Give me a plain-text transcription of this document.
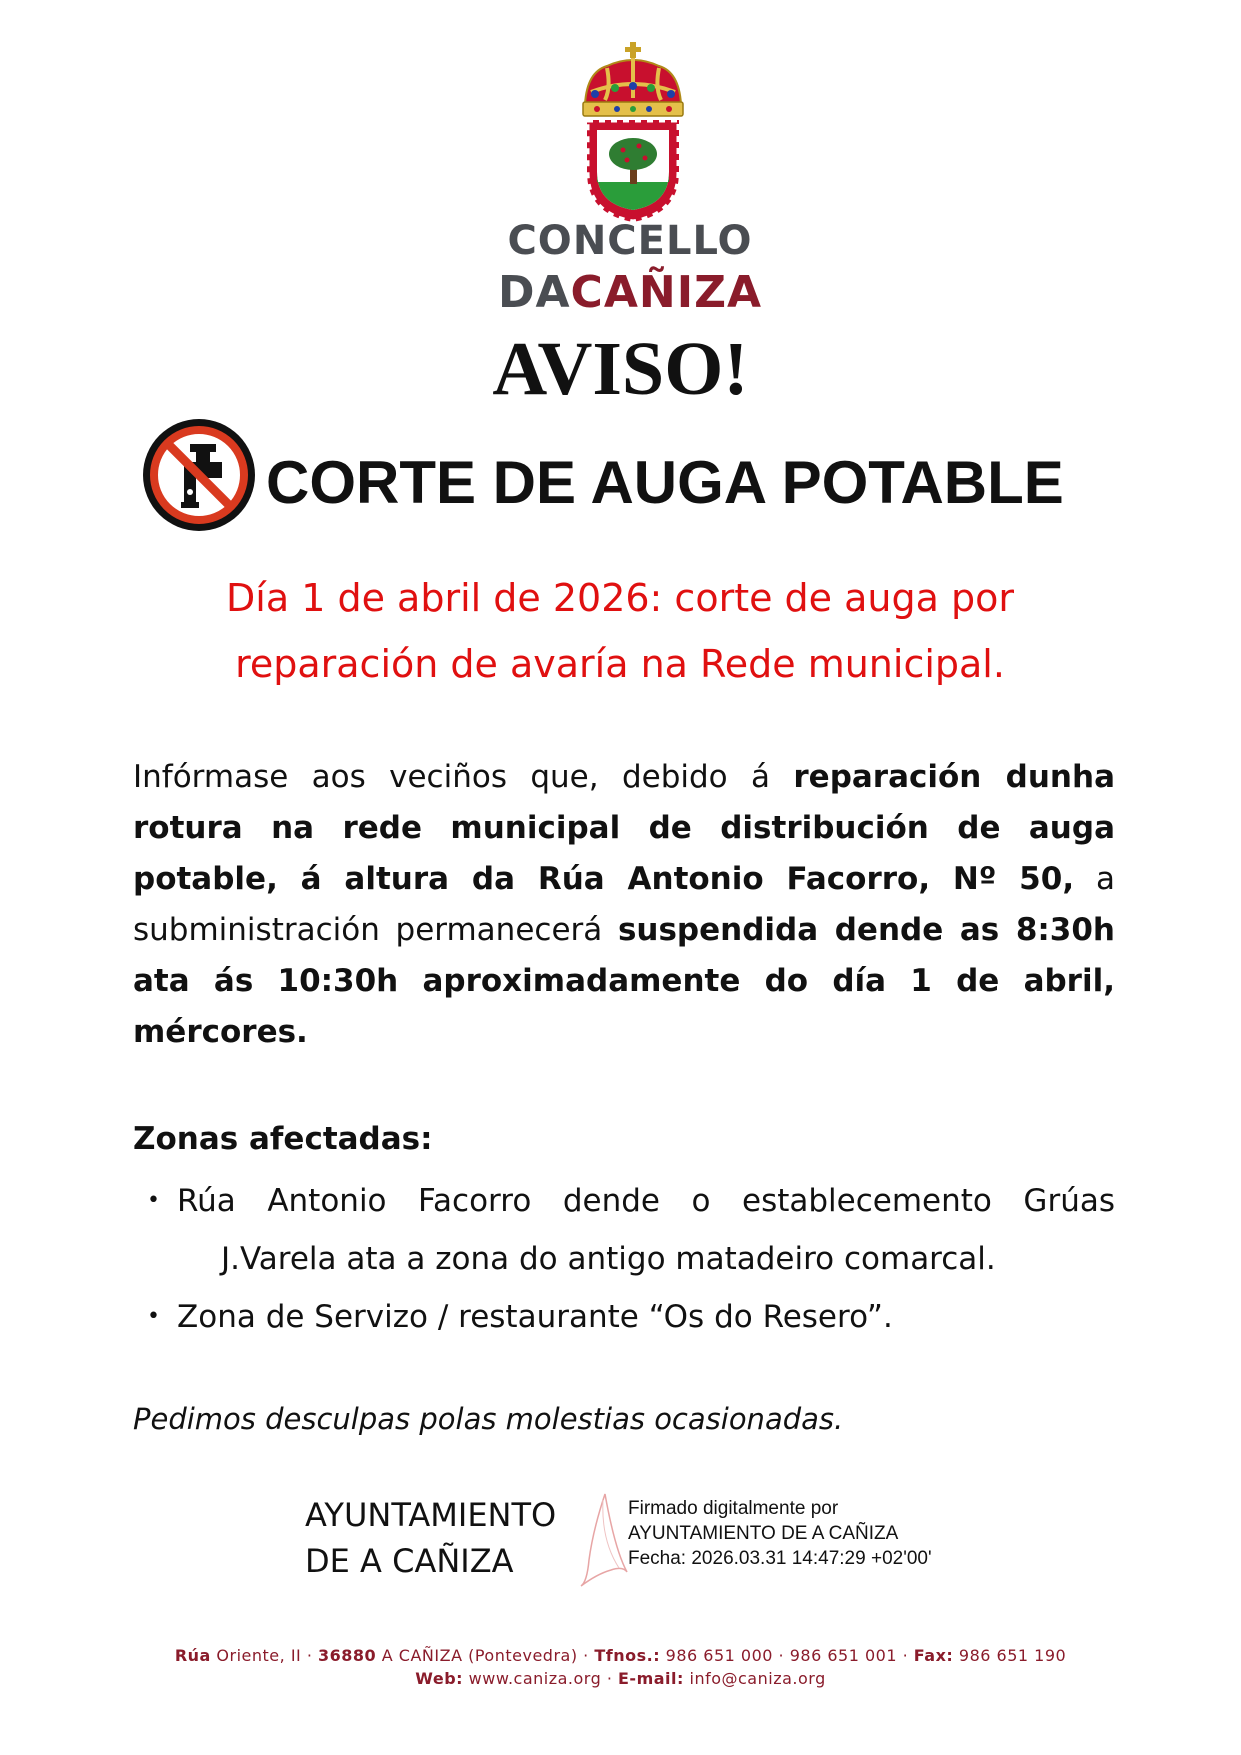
CONCELLO
DACAÑIZA
AVISO!
CORTE DE AUGA POTABLE
Día 1 de abril de 2026: corte de auga por
reparación de avaría na Rede municipal.
Infórmase aos veciños que, debido á reparación dunha rotura na rede municipal de distribución de auga potable, á altura da Rúa Antonio Facorro, Nº 50, a subministración permanecerá suspendida dende as 8:30h ata ás 10:30h aproximadamente do día 1 de abril, mércores.
Zonas afectadas:
• Rúa Antonio Facorro dende o establecemento Grúas
J.Varela ata a zona do antigo matadeiro comarcal.
• Zona de Servizo / restaurante “Os do Resero”.
Pedimos desculpas polas molestias ocasionadas.
AYUNTAMIENTO
DE A CAÑIZA
Firmado digitalmente por
AYUNTAMIENTO DE A CAÑIZA
Fecha: 2026.03.31 14:47:29 +02'00'
Rúa Oriente, II · 36880 A CAÑIZA (Pontevedra) · Tfnos.: 986 651 000 · 986 651 001 · Fax: 986 651 190
Web: www.caniza.org · E-mail: info@caniza.org
